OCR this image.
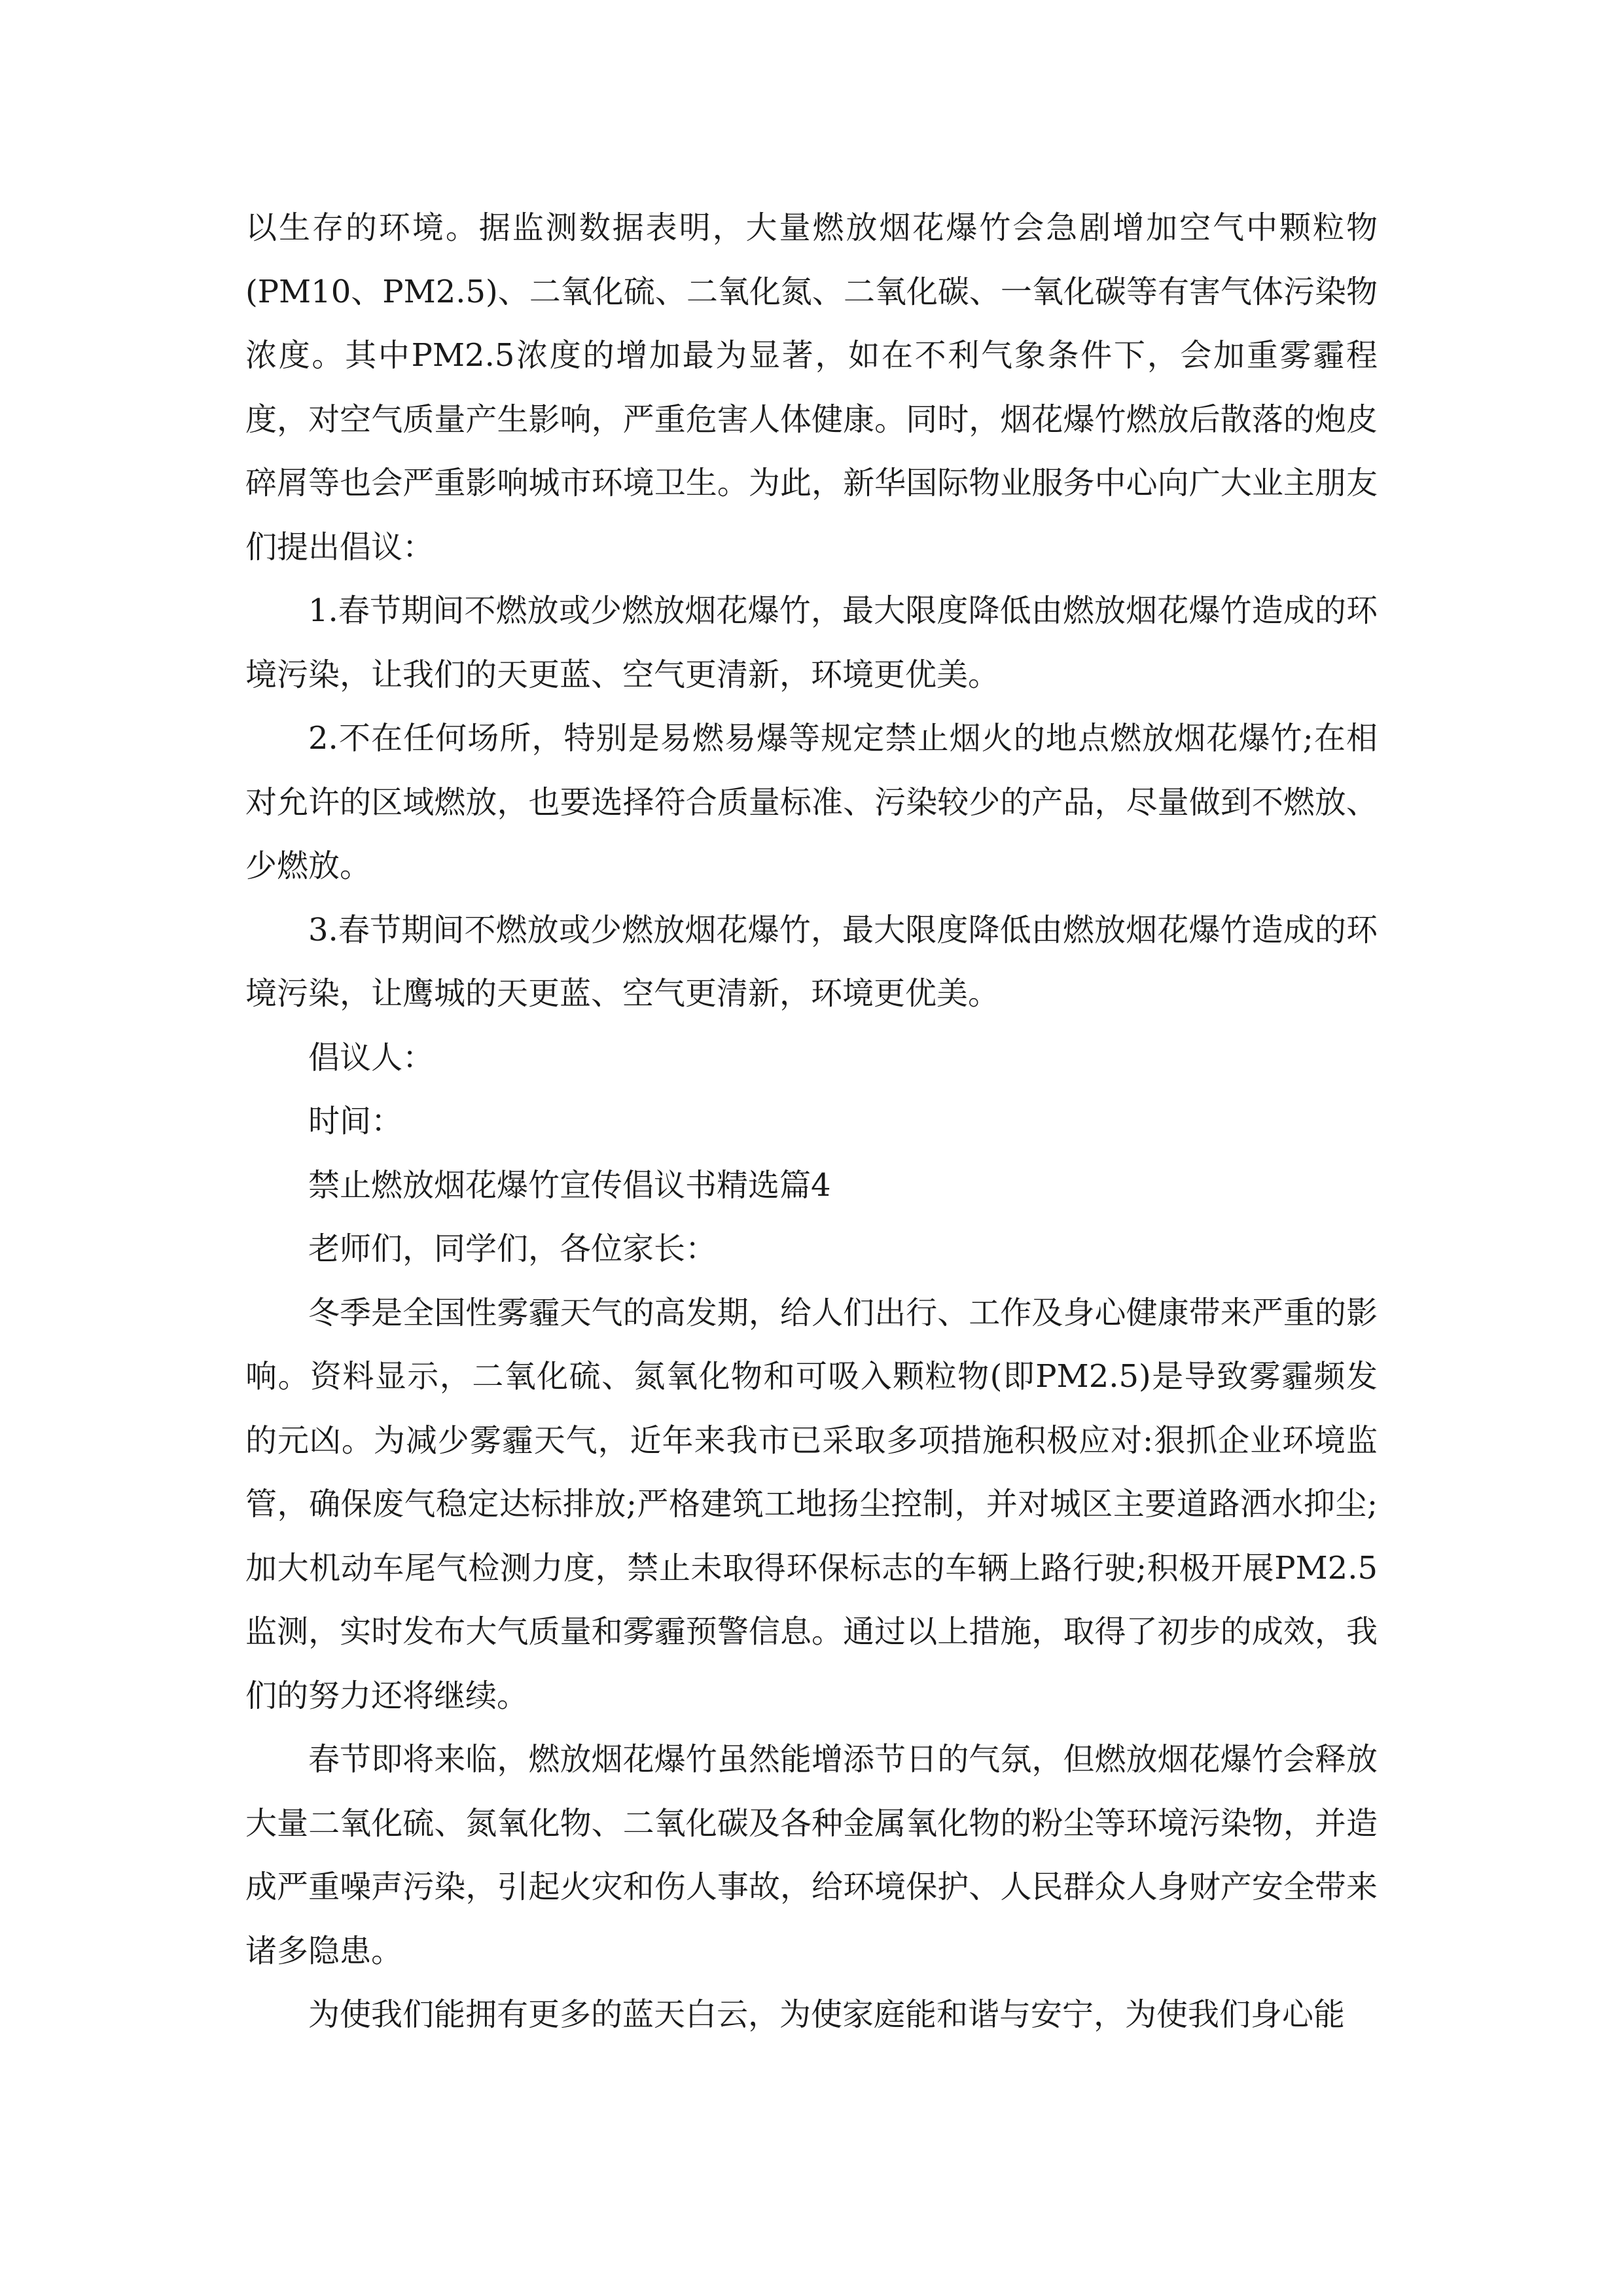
以生存的环境。据监测数据表明，大量燃放烟花爆竹会急剧增加空气中颗粒物(PM10、PM2.5)、二氧化硫、二氧化氮、二氧化碳、一氧化碳等有害气体污染物浓度。其中PM2.5浓度的增加最为显著，如在不利气象条件下，会加重雾霾程度，对空气质量产生影响，严重危害人体健康。同时，烟花爆竹燃放后散落的炮皮碎屑等也会严重影响城市环境卫生。为此，新华国际物业服务中心向广大业主朋友们提出倡议：

1.春节期间不燃放或少燃放烟花爆竹，最大限度降低由燃放烟花爆竹造成的环境污染，让我们的天更蓝、空气更清新，环境更优美。

2.不在任何场所，特别是易燃易爆等规定禁止烟火的地点燃放烟花爆竹;在相对允许的区域燃放，也要选择符合质量标准、污染较少的产品，尽量做到不燃放、少燃放。

3.春节期间不燃放或少燃放烟花爆竹，最大限度降低由燃放烟花爆竹造成的环境污染，让鹰城的天更蓝、空气更清新，环境更优美。

倡议人：

时间：

禁止燃放烟花爆竹宣传倡议书精选篇4

老师们，同学们，各位家长：

冬季是全国性雾霾天气的高发期，给人们出行、工作及身心健康带来严重的影响。资料显示，二氧化硫、氮氧化物和可吸入颗粒物(即PM2.5)是导致雾霾频发的元凶。为减少雾霾天气，近年来我市已采取多项措施积极应对:狠抓企业环境监管，确保废气稳定达标排放;严格建筑工地扬尘控制，并对城区主要道路洒水抑尘;加大机动车尾气检测力度，禁止未取得环保标志的车辆上路行驶;积极开展PM2.5监测，实时发布大气质量和雾霾预警信息。通过以上措施，取得了初步的成效，我们的努力还将继续。

春节即将来临，燃放烟花爆竹虽然能增添节日的气氛，但燃放烟花爆竹会释放大量二氧化硫、氮氧化物、二氧化碳及各种金属氧化物的粉尘等环境污染物，并造成严重噪声污染，引起火灾和伤人事故，给环境保护、人民群众人身财产安全带来诸多隐患。

为使我们能拥有更多的蓝天白云，为使家庭能和谐与安宁，为使我们身心能
